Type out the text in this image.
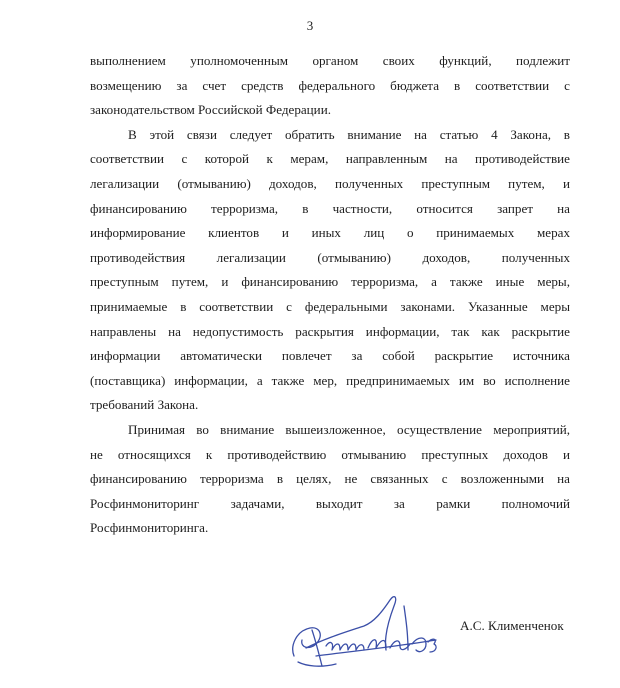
3
выполнением уполномоченным органом своих функций, подлежит
возмещению за счет средств федерального бюджета в соответствии с
законодательством Российской Федерации.
В этой связи следует обратить внимание на статью 4 Закона, в
соответствии с которой к мерам, направленным на противодействие
легализации (отмыванию) доходов, полученных преступным путем, и
финансированию терроризма, в частности, относится запрет на
информирование клиентов и иных лиц о принимаемых мерах
противодействия легализации (отмыванию) доходов, полученных
преступным путем, и финансированию терроризма, а также иные меры,
принимаемые в соответствии с федеральными законами. Указанные меры
направлены на недопустимость раскрытия информации, так как раскрытие
информации автоматически повлечет за собой раскрытие источника
(поставщика) информации, а также мер, предпринимаемых им во исполнение
требований Закона.
Принимая во внимание вышеизложенное, осуществление мероприятий,
не относящихся к противодействию отмыванию преступных доходов и
финансированию терроризма в целях, не связанных с возложенными на
Росфинмониторинг задачами, выходит за рамки полномочий
Росфинмониторинга.
А.С. Клименченок
